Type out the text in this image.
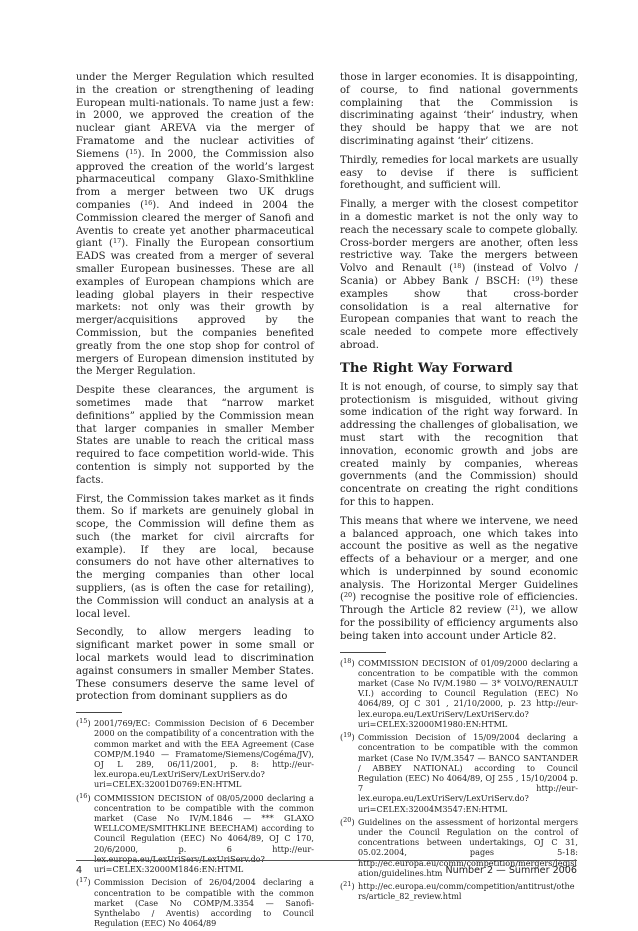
under the Merger Regulation which resulted in the creation or strengthening of leading European multi-nationals. To name just a few: in 2000, we approved the creation of the nuclear giant AREVA via the merger of Framatome and the nuclear activities of Siemens ($^{15}$). In 2000, the Commission also approved the creation of the world’s largest pharmaceutical company Glaxo-Smithkline from a merger between two UK drugs companies ($^{16}$). And indeed in 2004 the Commission cleared the merger of Sanofi and Aventis to create yet another pharmaceutical giant ($^{17}$). Finally the European consortium EADS was created from a merger of several smaller European businesses. These are all examples of European champions which are leading global players in their respective markets: not only was their growth by merger/acquisitions approved by the Commission, but the companies benefited greatly from the one stop shop for control of mergers of European dimension instituted by the Merger Regulation.

Despite these clearances, the argument is sometimes made that “narrow market definitions” applied by the Commission mean that larger companies in smaller Member States are unable to reach the critical mass required to face competition world-wide. This contention is simply not supported by the facts.

First, the Commission takes market as it finds them. So if markets are genuinely global in scope, the Commission will define them as such (the market for civil aircrafts for example). If they are local, because consumers do not have other alternatives to the merging companies than other local suppliers, (as is often the case for retailing), the Commission will conduct an analysis at a local level.

Secondly, to allow mergers leading to significant market power in some small or local markets would lead to discrimination against consumers in smaller Member States. These consumers deserve the same level of protection from dominant suppliers as do

($^{15}$) 2001/769/EC: Commission Decision of 6 December 2000 on the compatibility of a concentration with the common market and with the EEA Agreement (Case COMP/M.1940 — Framatome/Siemens/Cogéma/JV), OJ L 289, 06/11/2001, p. 8: http://eur-lex.europa.eu/LexUriServ/LexUriServ.do?uri=CELEX:32001D0769:EN:HTML
($^{16}$) COMMISSION DECISION of 08/05/2000 declaring a concentration to be compatible with the common market (Case No IV/M.1846 — *** GLAXO WELLCOME/SMITHKLINE BEECHAM) according to Council Regulation (EEC) No 4064/89, OJ C 170, 20/6/2000, p. 6 http://eur-lex.europa.eu/LexUriServ/LexUriServ.do?uri=CELEX:32000M1846:EN:HTML
($^{17}$) Commission Decision of 26/04/2004 declaring a concentration to be compatible with the common market (Case No COMP/M.3354 — Sanofi-Synthelabo / Aventis) according to Council Regulation (EEC) No 4064/89

those in larger economies. It is disappointing, of course, to find national governments complaining that the Commission is discriminating against ‘their’ industry, when they should be happy that we are not discriminating against ‘their’ citizens.

Thirdly, remedies for local markets are usually easy to devise if there is sufficient forethought, and sufficient will.

Finally, a merger with the closest competitor in a domestic market is not the only way to reach the necessary scale to compete globally. Cross-border mergers are another, often less restrictive way. Take the mergers between Volvo and Renault ($^{18}$) (instead of Volvo / Scania) or Abbey Bank / BSCH: ($^{19}$) these examples show that cross-border consolidation is a real alternative for European companies that want to reach the scale needed to compete more effectively abroad.

The Right Way Forward

It is not enough, of course, to simply say that protectionism is misguided, without giving some indication of the right way forward. In addressing the challenges of globalisation, we must start with the recognition that innovation, economic growth and jobs are created mainly by companies, whereas governments (and the Commission) should concentrate on creating the right conditions for this to happen.

This means that where we intervene, we need a balanced approach, one which takes into account the positive as well as the negative effects of a behaviour or a merger, and one which is underpinned by sound economic analysis. The Horizontal Merger Guidelines ($^{20}$) recognise the positive role of efficiencies. Through the Article 82 review ($^{21}$), we allow for the possibility of efficiency arguments also being taken into account under Article 82.

($^{18}$) COMMISSION DECISION of 01/09/2000 declaring a concentration to be compatible with the common market (Case No IV/M.1980 — 3* VOLVO/RENAULT V.I.) according to Council Regulation (EEC) No 4064/89, OJ C 301 , 21/10/2000, p. 23 http://eur-lex.europa.eu/LexUriServ/LexUriServ.do?uri=CELEX:32000M1980:EN:HTML
($^{19}$) Commission Decision of 15/09/2004 declaring a concentration to be compatible with the common market (Case No IV/M.3547 — BANCO SANTANDER / ABBEY NATIONAL) according to Council Regulation (EEC) No 4064/89, OJ 255 , 15/10/2004 p. 7 http://eur-lex.europa.eu/LexUriServ/LexUriServ.do?uri=CELEX:32004M3547:EN:HTML
($^{20}$) Guidelines on the assessment of horizontal mergers under the Council Regulation on the control of concentrations between undertakings, OJ C 31, 05.02.2004, pages 5-18: http://ec.europa.eu/comm/competition/mergers/legislation/guidelines.htm
($^{21}$) http://ec.europa.eu/comm/competition/antitrust/others/article_82_review.html
4	Number 2 — Summer 2006
